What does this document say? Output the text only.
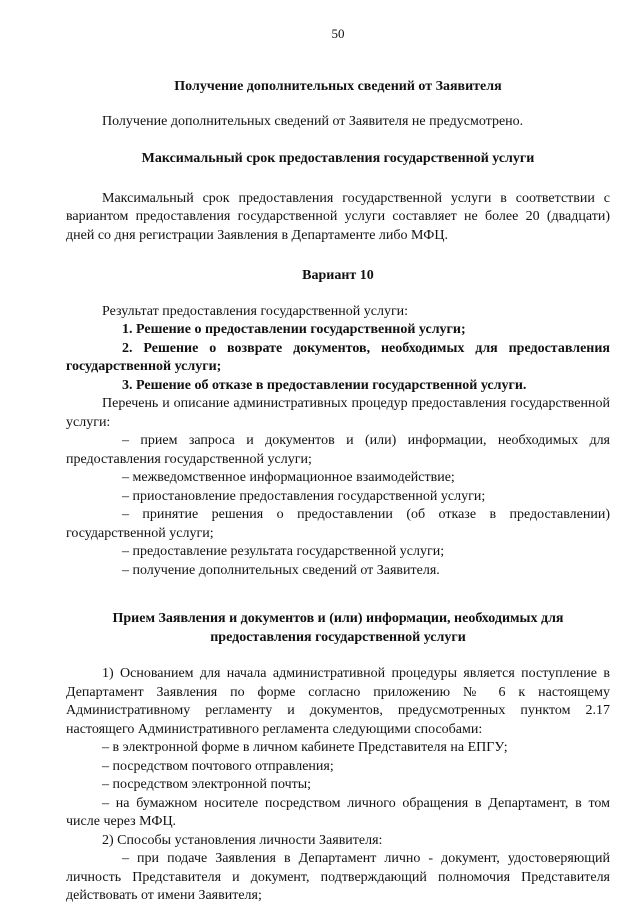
50

Получение дополнительных сведений от Заявителя

Получение дополнительных сведений от Заявителя не предусмотрено.

Максимальный срок предоставления государственной услуги

Максимальный срок предоставления государственной услуги в соответствии с вариантом предоставления государственной услуги составляет не более 20 (двадцати) дней со дня регистрации Заявления в Департаменте либо МФЦ.

Вариант 10

Результат предоставления государственной услуги:

1. Решение о предоставлении государственной услуги;

2. Решение о возврате документов, необходимых для предоставления государственной услуги;

3. Решение об отказе в предоставлении государственной услуги.

Перечень и описание административных процедур предоставления государственной услуги:

– прием запроса и документов и (или) информации, необходимых для предоставления государственной услуги;

– межведомственное информационное взаимодействие;

– приостановление предоставления государственной услуги;

– принятие решения о предоставлении (об отказе в предоставлении) государственной услуги;

– предоставление результата государственной услуги;

– получение дополнительных сведений от Заявителя.

Прием Заявления и документов и (или) информации, необходимых для предоставления государственной услуги

1) Основанием для начала административной процедуры является поступление в Департамент Заявления по форме согласно приложению № 6 к настоящему Административному регламенту и документов, предусмотренных пунктом 2.17 настоящего Административного регламента следующими способами:

– в электронной форме в личном кабинете Представителя на ЕПГУ;

– посредством почтового отправления;

– посредством электронной почты;

– на бумажном носителе посредством личного обращения в Департамент, в том числе через МФЦ.

2) Способы установления личности Заявителя:

– при подаче Заявления в Департамент лично - документ, удостоверяющий личность Представителя и документ, подтверждающий полномочия Представителя действовать от имени Заявителя;
